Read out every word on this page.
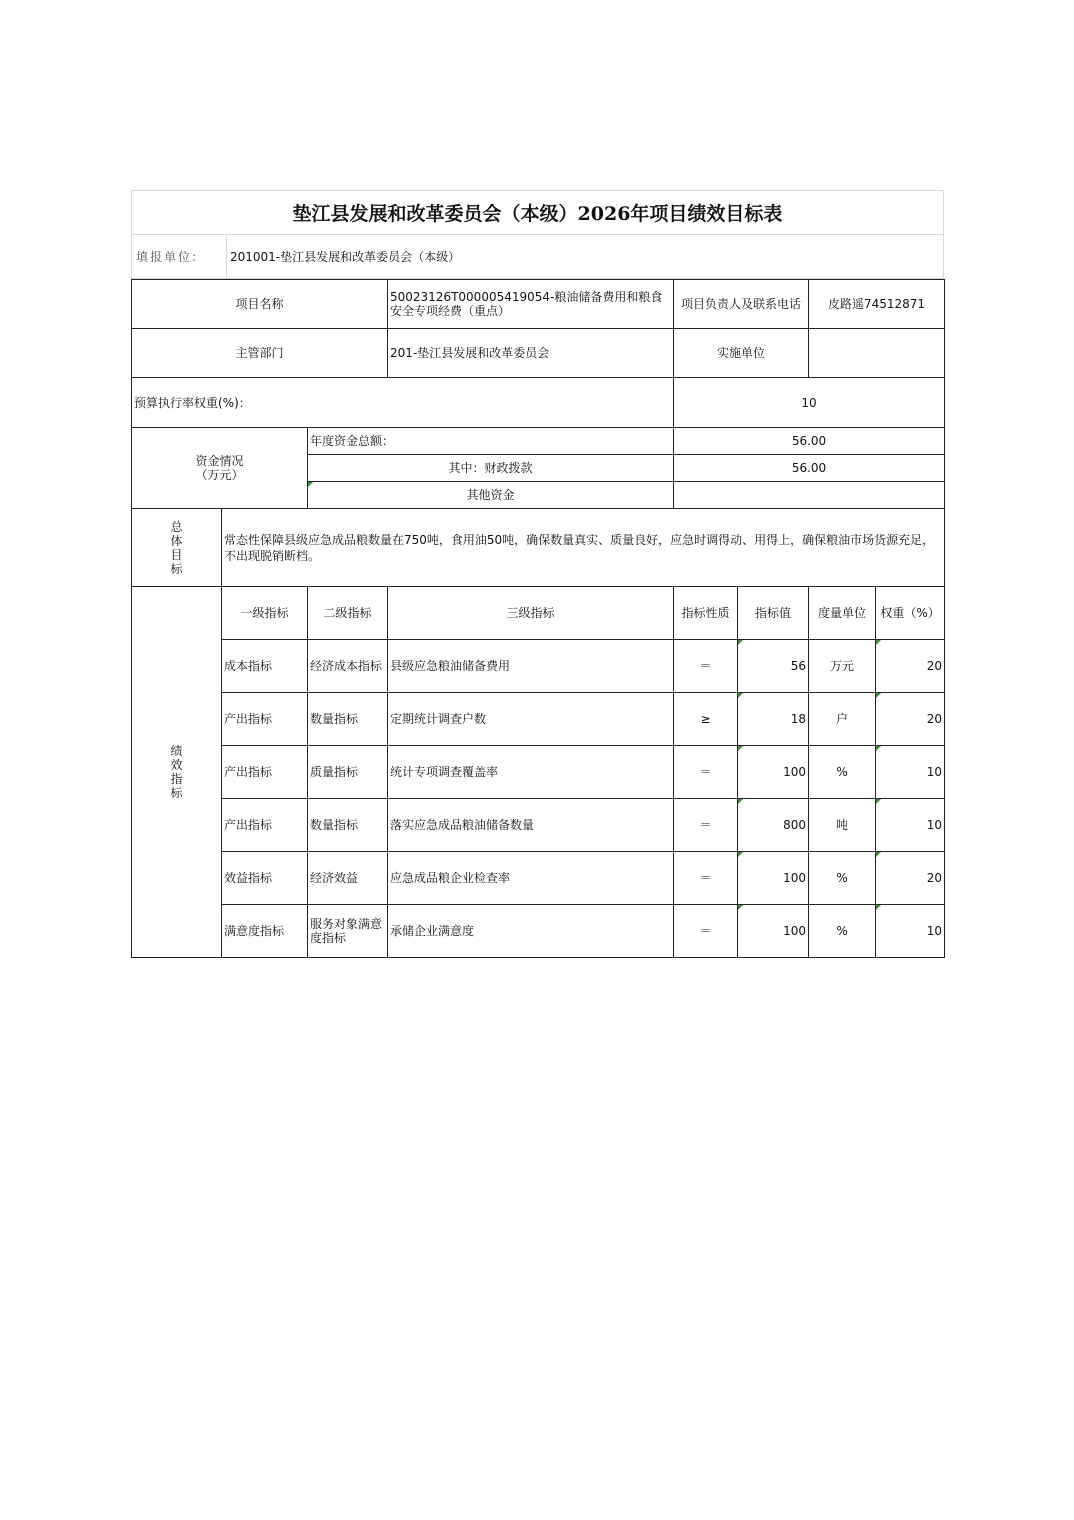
垫江县发展和改革委员会（本级）2026年项目绩效目标表
填报单位:	201001-垫江县发展和改革委员会（本级）
项目名称			50023126T000005419054-粮油储备费用和粮食安全专项经费（重点）	项目负责人及联系电话		皮路遥74512871	
主管部门			201-垫江县发展和改革委员会	实施单位			
预算执行率权重(%)：				10			

资金情况
（万元）		年度资金总额：		56.00			
		其中：财政拨款		56.00			
		其他资金					

总
体
目
标	常态性保障县级应急成品粮数量在750吨，食用油50吨，确保数量真实、质量良好，应急时调得动、用得上，确保粮油市场货源充足，不出现脱销断档。						

绩
效
指
标	一级指标	二级指标	三级指标	指标性质	指标值	度量单位	权重（%）
	成本指标	经济成本指标	县级应急粮油储备费用	＝	56	万元	20
	产出指标	数量指标	定期统计调查户数	≥	18	户	20
	产出指标	质量指标	统计专项调查覆盖率	＝	100	%	10
	产出指标	数量指标	落实应急成品粮油储备数量	＝	800	吨	10
	效益指标	经济效益	应急成品粮企业检查率	＝	100	%	20
	满意度指标	服务对象满意度指标	承储企业满意度	＝	100	%	10
